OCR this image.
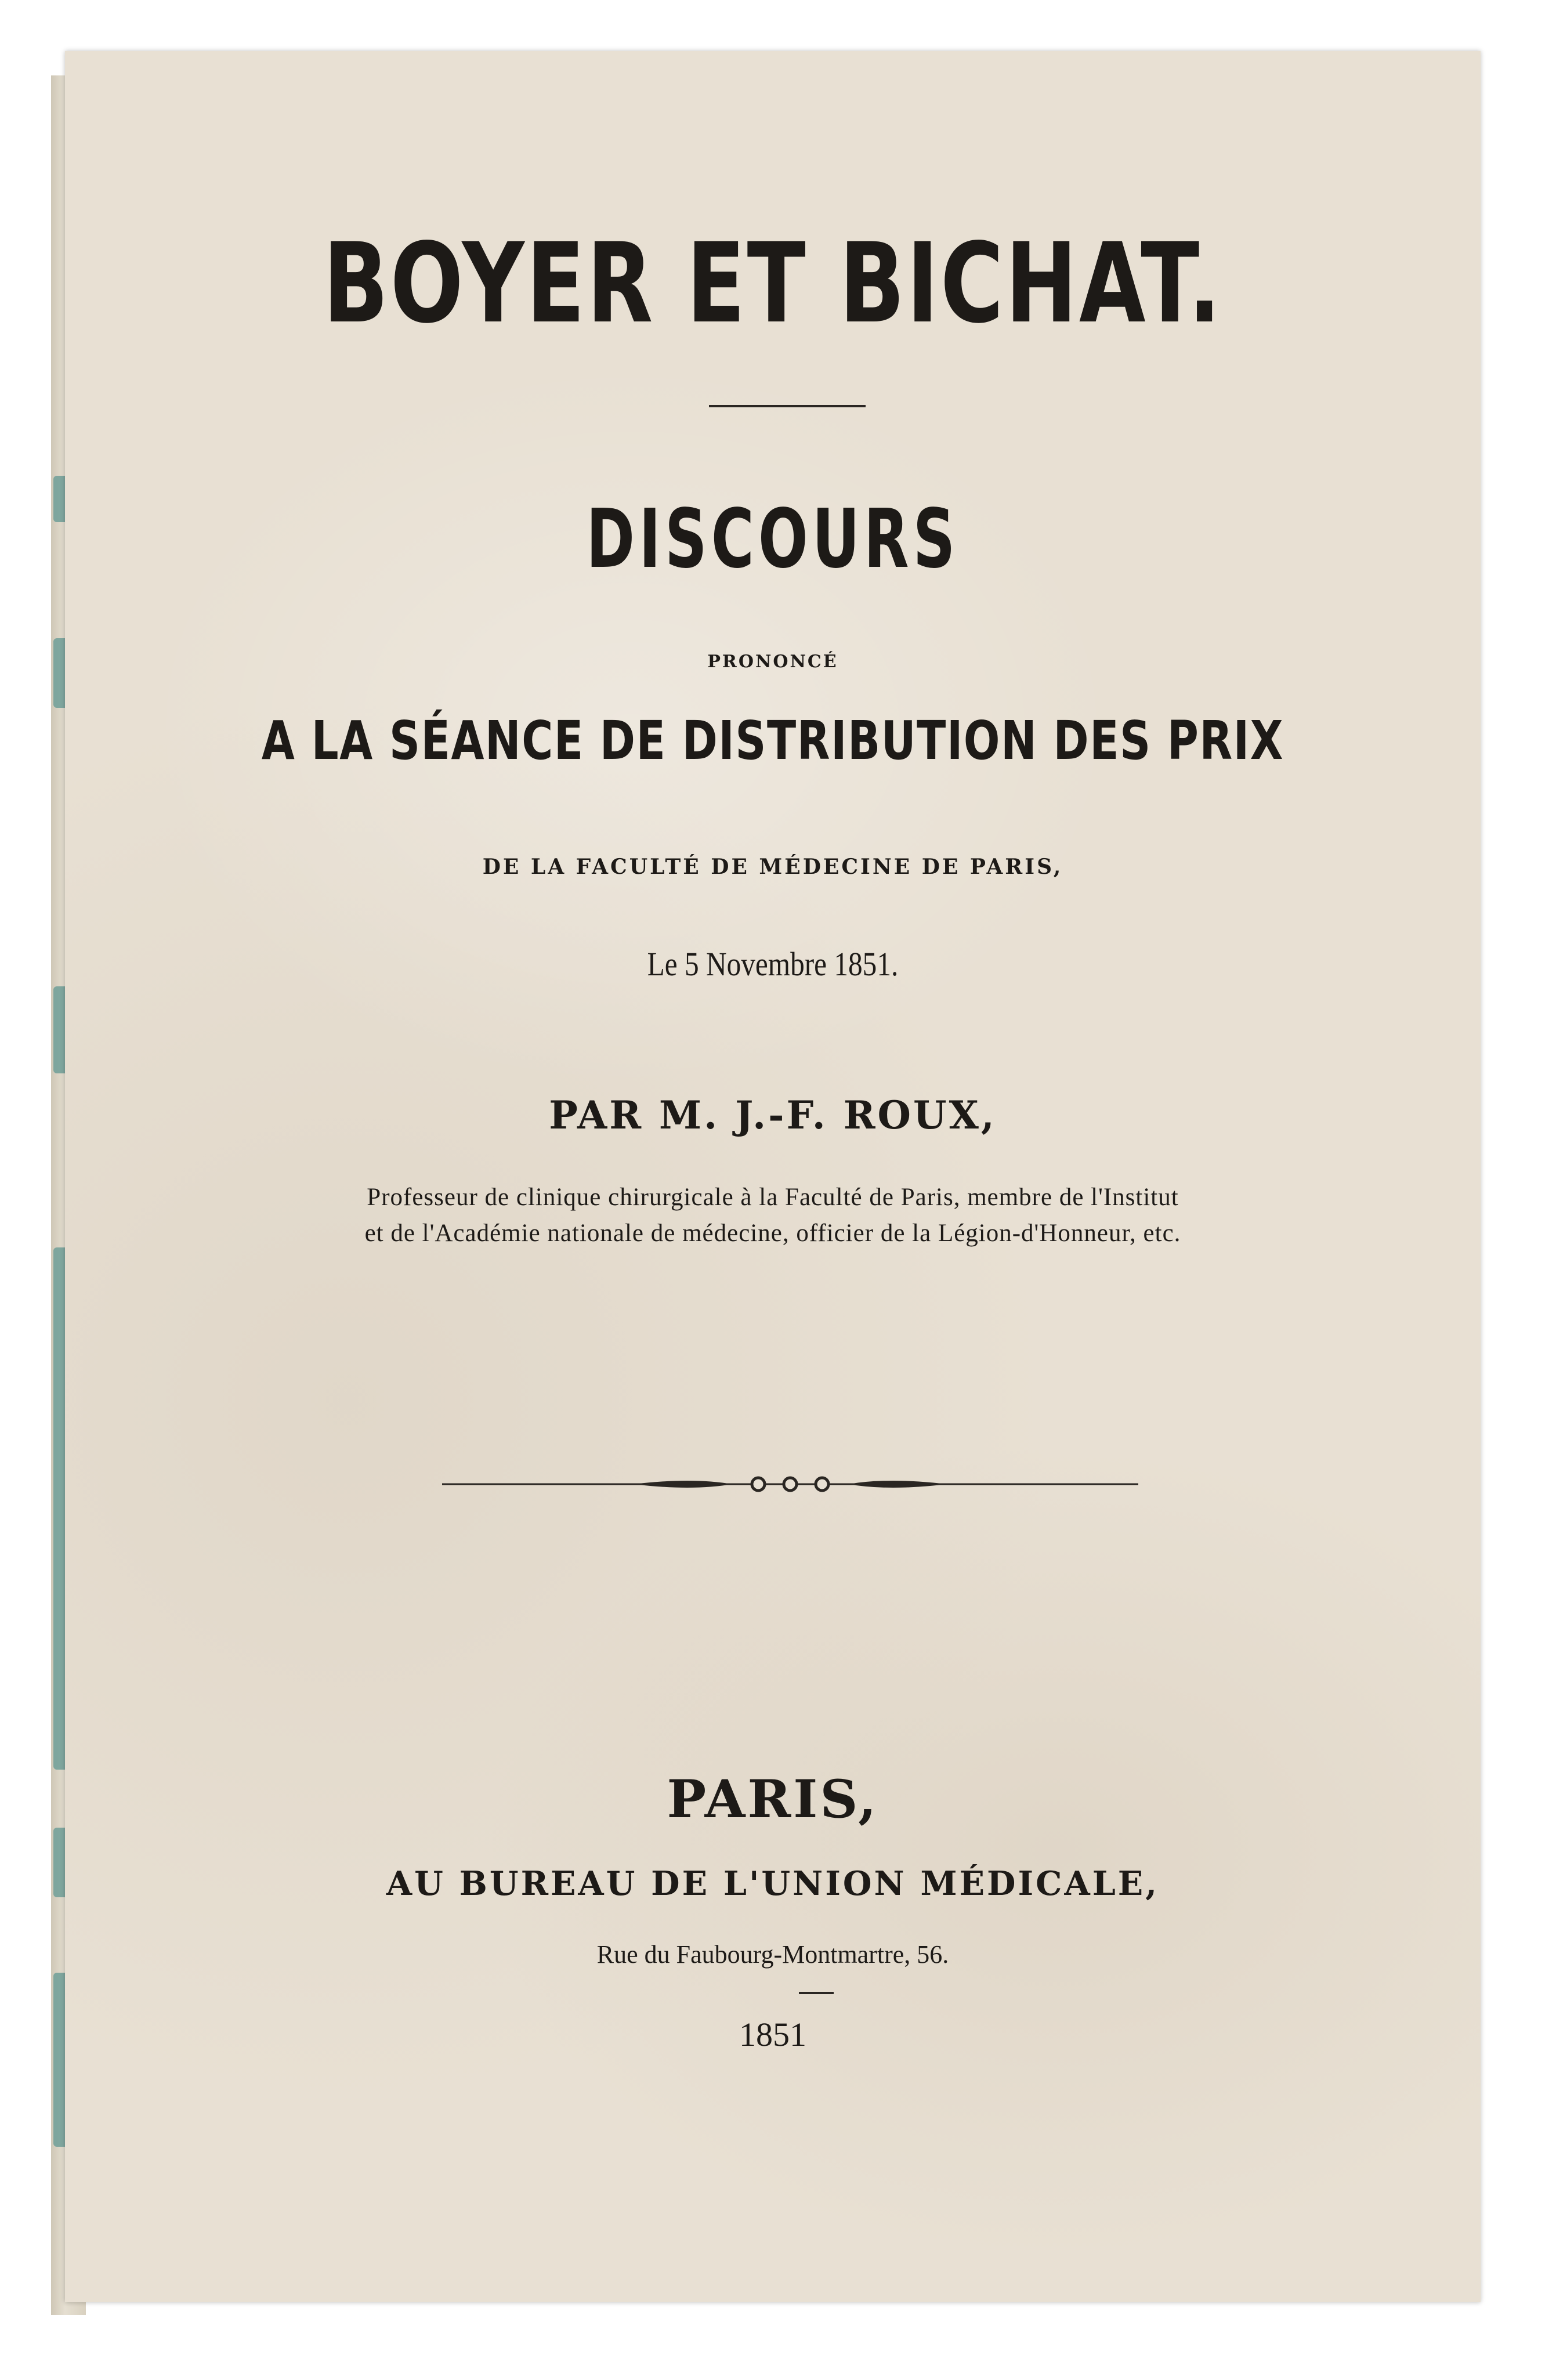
BOYER ET BICHAT.
DISCOURS
PRONONCÉ
A LA SÉANCE DE DISTRIBUTION DES PRIX
DE LA FACULTÉ DE MÉDECINE DE PARIS,
Le 5 Novembre 1851.
PAR M. J.-F. ROUX,
Professeur de clinique chirurgicale à la Faculté de Paris, membre de l'Institut
et de l'Académie nationale de médecine, officier de la Légion-d'Honneur, etc.
PARIS,
AU BUREAU DE L'UNION MÉDICALE,
Rue du Faubourg-Montmartre, 56.
1851
